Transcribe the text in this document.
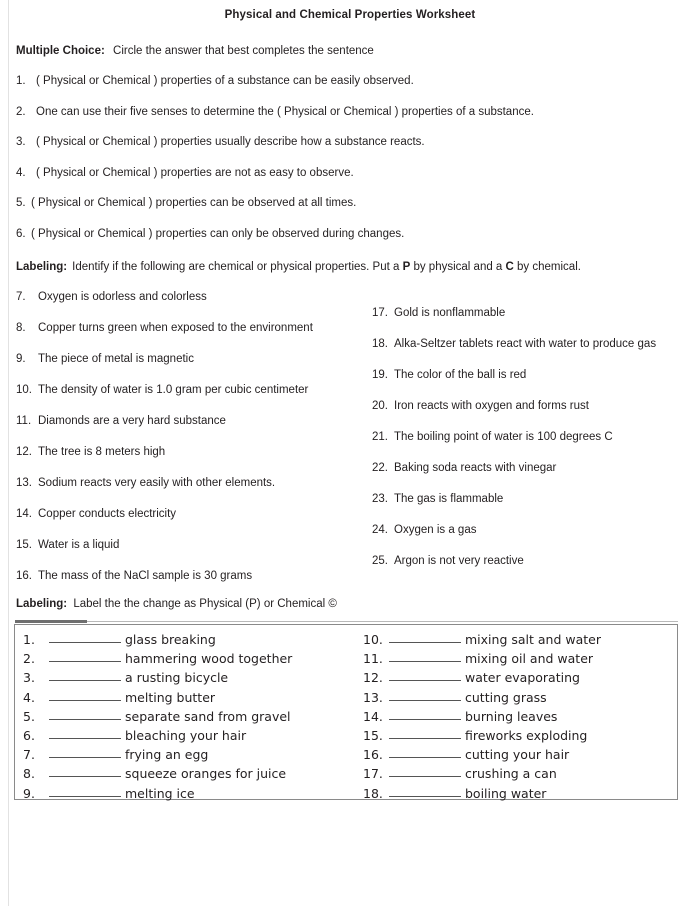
Physical and Chemical Properties Worksheet
Multiple Choice: Circle the answer that best completes the sentence
1. ( Physical or Chemical ) properties of a substance can be easily observed.
2. One can use their five senses to determine the ( Physical or Chemical ) properties of a substance.
3. ( Physical or Chemical ) properties usually describe how a substance reacts.
4. ( Physical or Chemical ) properties are not as easy to observe.
5. ( Physical or Chemical ) properties can be observed at all times.
6. ( Physical or Chemical ) properties can only be observed during changes.
Labeling: Identify if the following are chemical or physical properties. Put a P by physical and a C by chemical.
7. Oxygen is odorless and colorless
8. Copper turns green when exposed to the environment
9. The piece of metal is magnetic
10. The density of water is 1.0 gram per cubic centimeter
11. Diamonds are a very hard substance
12. The tree is 8 meters high
13. Sodium reacts very easily with other elements.
14. Copper conducts electricity
15. Water is a liquid
16. The mass of the NaCl sample is 30 grams
17. Gold is nonflammable
18. Alka-Seltzer tablets react with water to produce gas
19. The color of the ball is red
20. Iron reacts with oxygen and forms rust
21. The boiling point of water is 100 degrees C
22. Baking soda reacts with vinegar
23. The gas is flammable
24. Oxygen is a gas
25. Argon is not very reactive
Labeling: Label the the change as Physical (P) or Chemical ©
1.	glass breaking
2.	hammering wood together
3.	a rusting bicycle
4.	melting butter
5.	separate sand from gravel
6.	bleaching your hair
7.	frying an egg
8.	squeeze oranges for juice
9.	melting ice
10.	mixing salt and water
11.	mixing oil and water
12.	water evaporating
13.	cutting grass
14.	burning leaves
15.	fireworks exploding
16.	cutting your hair
17.	crushing a can
18.	boiling water
